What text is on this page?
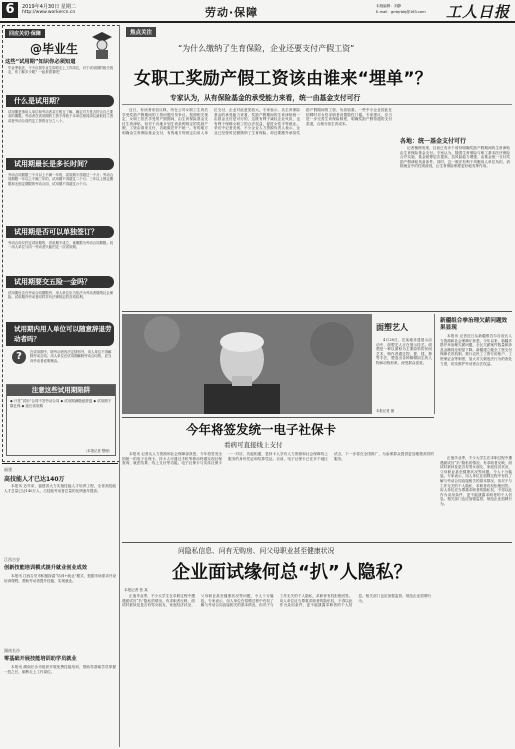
6	2019年4月30日 星期二
http://www.workercn.cn	劳动·保障	本版编辑：刘静
E-mail：grrbjrbbj@163.com 工人日报
回应关切·保障
@毕业生
这些“试用期”知识你必须知道

毕业季临近，不少应届毕业生即将走上工作岗位，对于试用期的相关规定，你了解多少呢？一起来看看吧！

什么是试用期？

试用期是指用人单位和劳动者双方相互了解、确定对方是否符合自己要求的期限。劳动者在试用期的工资不得低于本单位相同岗位最低档工资或者劳动合同约定工资的百分之八十。

试用期最长是多长时间？

劳动合同期限三个月以上不满一年的，试用期不得超过一个月；劳动合同期限一年以上不满三年的，试用期不得超过二个月；三年以上固定期限和无固定期限的劳动合同，试用期不得超过六个月。

试用期是否可以单独签订？

劳动合同仅约定试用期的，试用期不成立，该期限为劳动合同期限。同一用人单位与同一劳动者只能约定一次试用期。

试用期要交五险一金吗？

试用期包含在劳动合同期限内，用人单位应当依法为劳动者缴纳社会保险。试用期内劳动者同样享有法律规定的各项权利。

试用期内用人单位可以随意辞退劳动者吗？
?	在试用期中，除劳动者有法定情形外，用人单位不得解除劳动合同。用人单位在试用期解除劳动合同的，应当向劳动者说明理由。

注意这些试用期陷阱
◆ 只签“试用”合同不签劳动合同 ◆ 试用期满随意辞退 ◆ 试用期不缴社保 ◆ 延长试用期
（本报记者 整理）
焦点关注
“为什么缴纳了生育保险，企业还要支付产假工资”
女职工奖励产假工资该由谁来“埋单”？
专家认为，从有保险基金的承受能力来看，统一由基金支付可行

近日，有读者来信反映，所在公司女职工生育后享受奖励产假期间的工资问题引发争议。按照相关规定，女职工依法享受的产假期间，由生育保险基金支付生育津贴，但对于各地计划生育条例规定的奖励产假，工资由谁来支付，各地做法并不统一。有的地方明确由生育保险基金支付，有的地方则规定由用人单位支付，企业对此意见较大。专家表示，从生育保险基金的承受能力来看，奖励产假期间的生育津贴统一由基金支付是可行的，这既有利于减轻企业负担，也有利于保障女职工的合法权益，促进女性平等就业。 采访中记者发现，不少企业人力资源负责人表示，企业已经按时足额缴纳了生育保险，却还要额外承担奖励产假期间的工资，负担较重。一些中小企业因此在招聘时对女性求职者设置隐性门槛。专家建议，应当进一步完善生育保险制度，明确奖励产假待遇的支付渠道，合理分担生育成本。

各地：统一基金支付可行

记者梳理发现，目前已有多个省份明确奖励产假期间的生育津贴由生育保险基金支付。专家认为，随着生育保险与职工基本医疗保险合并实施，基金统筹层次提高，抗风险能力增强，由基金统一支付奖励产假津贴具备条件。同时，这一做法有利于均衡用人单位负担，消除就业中的性别歧视，让生育保险制度更好地发挥作用。

面塑艺人

4月28日，在某地非遗展示活动中，面塑艺人正在展示技艺。面塑是一种以面粉为主要原料的民间艺术，制作者通过捏、搓、揉、掀等手法，塑造出各种栩栩如生的人物和动物形象，深受群众喜爱。

本报记者 摄
新疆组合拳治理欠薪问题效果显现

本报讯 记者近日从新疆维吾尔自治区人力资源和社会保障厅获悉，今年以来，新疆多措并举治理欠薪问题，全区欠薪案件数量和涉及金额同比明显下降。新疆建立健全工资支付保障长效机制，推行农民工工资专用账户、工资保证金等制度，加大对欠薪违法行为的查处力度，切实维护劳动者合法权益。

今年将签发统一电子社保卡
看病可直接线上支付

本报讯 记者从人力资源和社会保障部获悉，今年将签发全国统一的电子社保卡，持卡人可通过手机等移动终端实现社保查询、就医结算、线上支付等功能。电子社保卡与实体社保卡一一对应、功能相通，是持卡人享有人力资源和社会保障线上服务的身份凭证和结算凭证。目前，电子社保卡已在多个地区试点，下一步将在全国推广，为参保群众提供更加便捷高效的服务。	正值毕业季，不少大学生在求职过程中遭遇面试官“扒”隐私的情况。有求职者反映，面试时被问及是否有男女朋友、家庭经济状况、父母职业甚至健康状况等问题，令人十分尴尬。专家表示，用人单位在招聘过程中有权了解与劳动合同直接相关的基本情况，但对于与工作无关的个人隐私，求职者有权拒绝回答。用人单位应当尊重求职者的隐私权，不得以此作为录用条件，更不能泄露求职者的个人信息。相关部门也应加强监管，规范企业招聘行为。

福建
高技能人才已达140万

本报讯 近年来，福建省大力实施技能人才培养工程，全省高技能人才总量已达140万人，占技能劳动者总量的比例逐年提高。

江西吉安
创新技能培训模式提升就业创业成效

本报讯 江西吉安市积极探索“培训+就业”模式，根据市场需求开设培训课程，帮助劳动者提升技能、实现就业。

湖南长沙
零基础开展技能培训助学员就业

本报讯 湖南长沙市组织开展免费技能培训，帮助零基础学员掌握一技之长，顺利走上工作岗位。

问隐私信息、问有无购房、问父母职业甚至健康状况
企业面试缘何总“扒”人隐私？
本报记者 张 某

正值毕业季，不少大学生在求职过程中遭遇面试官“扒”隐私的情况。有求职者反映，面试时被问及是否有男女朋友、家庭经济状况、父母职业甚至健康状况等问题，令人十分尴尬。专家表示，用人单位在招聘过程中有权了解与劳动合同直接相关的基本情况，但对于与工作无关的个人隐私，求职者有权拒绝回答。用人单位应当尊重求职者的隐私权，不得以此作为录用条件，更不能泄露求职者的个人信息。相关部门也应加强监管，规范企业招聘行为。
